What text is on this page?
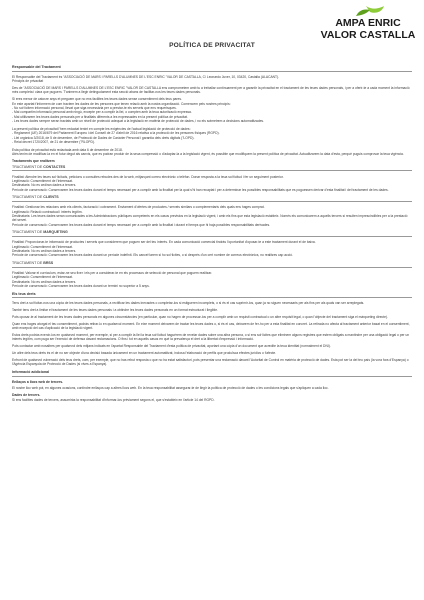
AMPA ENRIC
VALOR CASTALLA
POLÍTICA DE PRIVACITAT
Responsable del Tractament

El Responsable del Tractament és "ASSOCIACIÓ DE MARS I PARELLS D'ALUMNES DE L'ESC ENRIC "VALOR DE CASTALLA, C/ Leonardo Juver, 10, 03420, Castalla (ALACANT).

Principis de privacitat

Des de "ASSOCIACIÓ DE MARS I PARELLS D'ALUMNES DE L'ESC ENRIC "VALOR DE CASTALLA ens comprometem amb tu a treballar contínuament per a garantir la privacitat en el tractament de les teues dades personals, i per a oferir-te a cada moment la informació més completa i clara que puguem. T'animem a llegir detingudament esta secció abans de facilitar-nos les teues dades personals.

Si eres menor de catorze anys et preguem que no ens facilites les teues dades sense consentiment dels teus pares.

En este apartat t'informem de com tractem les dades de les persones que tenen relació amb la nostra organització. Comencem pels nostres principis:

- No sol·licitem informació personal, llevat que siga necessària per a prestar-te els serveis que ens requerisques.

- Mai compartim informació personal amb ningú, excepte per a complir la llei, o compten amb la teua autorització expressa.

- Mai utilitzarem les teues dades personals per a finalitats diferents a les expressades en la present política de privacitat.

- Les teues dades sempre seran tractats amb un nivell de protecció adequat a la legislació en matèria de protecció de dades, i no els sotmetrem a decisions automatitzades.

La present política de privacitat l'hem redactat tenint en compte les exigències de l'actual legislació de protecció de dades:

- Reglament (UE) 2016/679 del Parlament Europeu i del Consell de 27 d'abril de 2016 relativa a la protecció de les persones físiques (RGPD).

- Llei orgànica 3/2018, de 5 de desembre, de Protecció de Dades de Caràcter Personal i garantia dels drets digitals ("LOPD).

- Reial decret 1720/2007, de 21 de desembre ("RLOPD).

Esta política de privacitat està redactada amb data 6 de desembre de 2018.

Atès tenim de modificar-la en el futur degut als canvis, que es podran produir de la seua compressió o d'adaptar-la a la legislació vigent, és possible que modifiquem la present política de privacitat. Actualitzarem la data d'esta, perquè puguis comprovar la teua vigència.

Tractaments que realitzem
TRACTAMENT DE CONTACTES

Finalitat: Atendre les teues sol·licituds, peticions o consultes rebudes des de la web, mitjançant correu electrònic o telèfon. Donar resposta a la teua sol·licitud i fer un seguiment posterior.

Legitimació: Consentiment de l'interessat.

Destinataris: No es cediran dades a tercers.

Període de conservació: Conservarem les teues dades durant el temps necessari per a complir amb la finalitat per la qual s'hi han recaptat i per a determinar les possibles responsabilitats que es poguessen derivar d'esta finalitat i del tractament de les dades.

TRACTAMENT DE CLIENTS

Finalitat: Gestionar les relacions amb els clients, facturació i cobrament. Enviament d'ofertes de productes / serveis similars o complementaris dels quals ens hages comprat.

Legitimació: Relació contractual i interès legítim.

Destinataris: Les teues dades seran comunicades a les Administracions públiques competents en els casos previstos en la legislació vigent, i amb els fins que esta legislació estableix. Només els comunicarem a aquells tercers si resulten imprescindibles per a la prestació del servei.

Període de conservació: Conservarem les teues dades durant el temps necessari per a complir amb la finalitat i durant el temps que hi haja possibles responsabilitats derivades.

TRACTAMENT DE MARQUETING

Finalitat: Proporcionar-te informació de productes i serveis que considerem que poguen ser del teu interès. En cada comunicació comercial tindràs l'oportunitat d'oposar-te a este tractament durant el de baixa.

Legitimació: Consentiment de l'interessat.

Destinataris: No es cediran dades a tercers.

Període de conservació: Conservarem les teues dades durant un període indefinit. Els cancel·larem si ho sol·licites, o si després d'un cert nombre de correus electrònics, no realitzes cap acció.

TRACTAMENT DE BRSS

Finalitat: Valorar el currículum, estar-ne seu fixer i els per a considerar-te en els processos de selecció de personal que poguem realitzar.

Legitimació: Consentiment de l'interessat.

Destinataris: No es cediran dades a tercers.

Període de conservació: Conservarem les teues dades durant un termini no superior a 5 anys.

Els teus drets

Tens dret a sol·licitar-nos una còpia de les teues dades personals, a rectificar les dades inexactes o completar-los si estigueren incomplets, o si és el cas suprimir-los, quan ja no siguen necessaris per als fins per als quals van ser arreplegats.

També tens dret a limitar el tractament de les teues dades personals i a obtindre les teues dades personals en un format estructurat i llegible.

Pots oposar-te al tractament de les teues dades personals en algunes circumstàncies (en particular, quan no hagen de processar-los per a complir amb un requisit contractual o un altre requisit legal, o quan l'objecte del tractament siga el màrqueting directe).

Quan ens hages atorgat el teu consentiment, podràs retirar-lo en qualsevol moment. En eixe moment deixarem de tractar les teues dades o, si és el cas, deixarem de fer-ho per a esta finalitat en concret. La retirada no afecta al tractament anterior basat en el consentiment, amb excepció del cas d'aplicació de la legislació vigent.

Estos drets podràs exercir-los en qualsevol moment, per exemple, si per a complir la llei la teua sol·licitud haguérem de revelar dades sobre una altra persona, o si ens sol·licites que eliminem alguns registres que estem obligats a mantindre per una obligació legal o per un interès legítim, com puga ser l'exercici de defensa davant reclamacions. O fins i tot en aquells casos en què la prevalença el dret a la llibertat d'expressió i informació.

Pots contactar amb nosaltres per qualsevol dels mitjans indicats en l'apartat Responsable del Tractament d'esta política de privacitat, aportant una còpia d'un document que acredite la teua identitat (normalment el DNI).

Un altre dels teus drets és el de no ser objecte d'una decisió basada únicament en un tractament automatitzat, inclosa l'elaboració de perfils que produïsca efectes jurídics o t'afecte.

Enfront de qualsevol vulneració dels teus drets, com, per exemple, que no has rebut resposta o que no ha estat satisfactori, pots presentar una reclamació davant l'Autoritat de Control en matèria de protecció de dades. Esta pot ser la del teu país (la vora fora d'Espanya) o l'Agència Espanyola de Protecció de Dades (si vives a Espanya).

Informació addicional
Enllaços a llocs web de tercers.

El nostre lloc web pot, en algunes ocasions, contindre enllaços cap a altres llocs web. En la teua responsabilitat assegurar-te de llegir la política de protecció de dades o les condicions legals que s'apliquen a cada lloc.

Dades de tercers.

Si ens facilites dades de tercers, assumiràs la responsabilitat d'informar-los prèviament segons el, que s'estableix en l'article 14 del RGPD.
